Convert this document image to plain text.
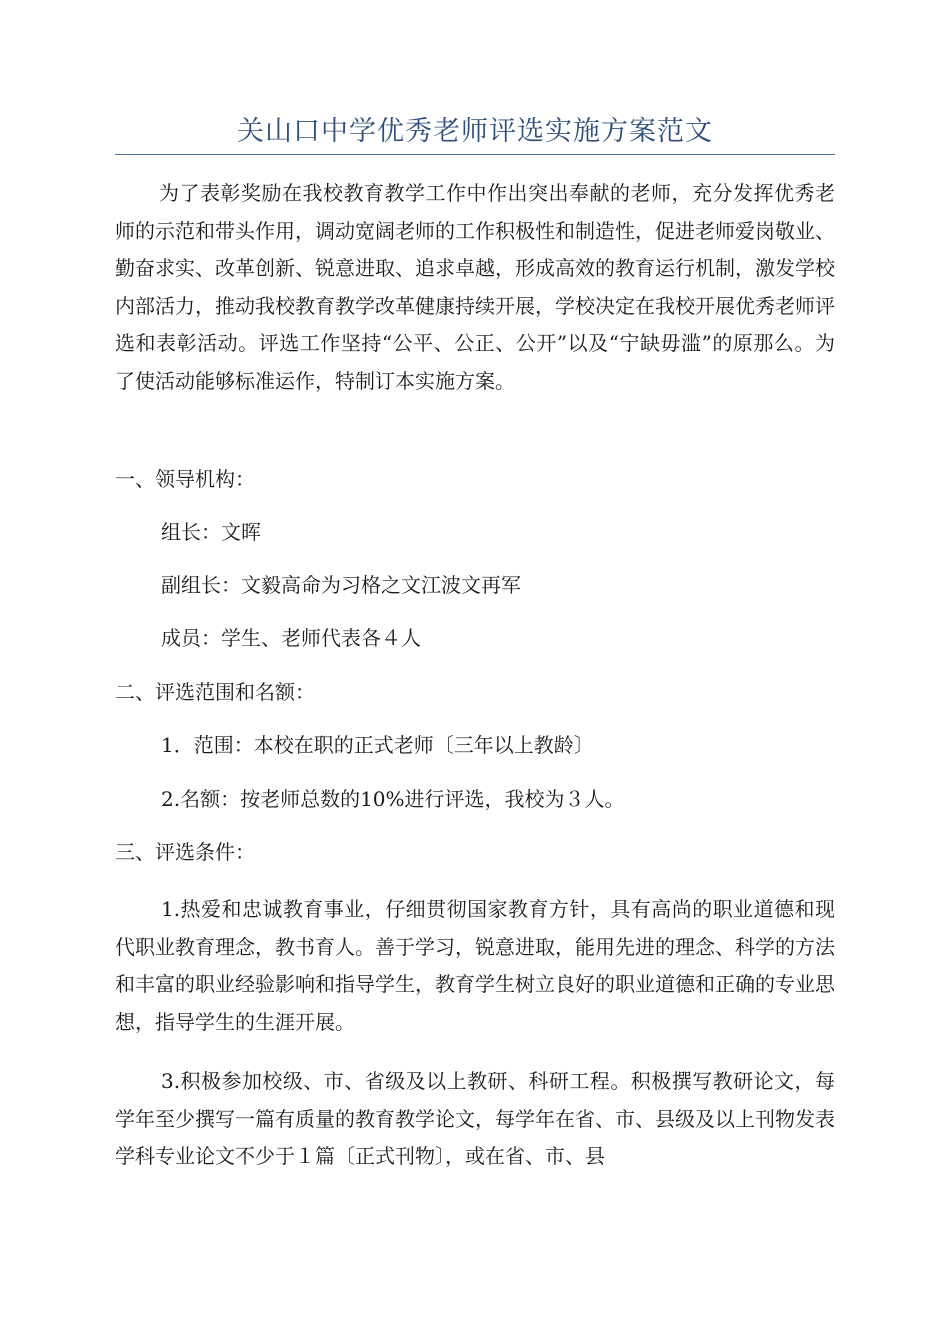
关山口中学优秀老师评选实施方案范文

为了表彰奖励在我校教育教学工作中作出突出奉献的老师，充分发挥优秀老师的示范和带头作用，调动宽阔老师的工作积极性和制造性，促进老师爱岗敬业、勤奋求实、改革创新、锐意进取、追求卓越，形成高效的教育运行机制，激发学校内部活力，推动我校教育教学改革健康持续开展，学校决定在我校开展优秀老师评选和表彰活动。评选工作坚持“公平、公正、公开”以及“宁缺毋滥”的原那么。为了使活动能够标准运作，特制订本实施方案。

一、领导机构：

组长：文晖

副组长：文毅高命为习格之文江波文再军

成员：学生、老师代表各４人

二、评选范围和名额：

1．范围：本校在职的正式老师〔三年以上教龄〕

2.名额：按老师总数的10%进行评选，我校为３人。

三、评选条件：

1.热爱和忠诚教育事业，仔细贯彻国家教育方针，具有高尚的职业道德和现代职业教育理念，教书育人。善于学习，锐意进取，能用先进的理念、科学的方法和丰富的职业经验影响和指导学生，教育学生树立良好的职业道德和正确的专业思想，指导学生的生涯开展。

3.积极参加校级、市、省级及以上教研、科研工程。积极撰写教研论文，每学年至少撰写一篇有质量的教育教学论文，每学年在省、市、县级及以上刊物发表学科专业论文不少于１篇〔正式刊物〕，或在省、市、县
